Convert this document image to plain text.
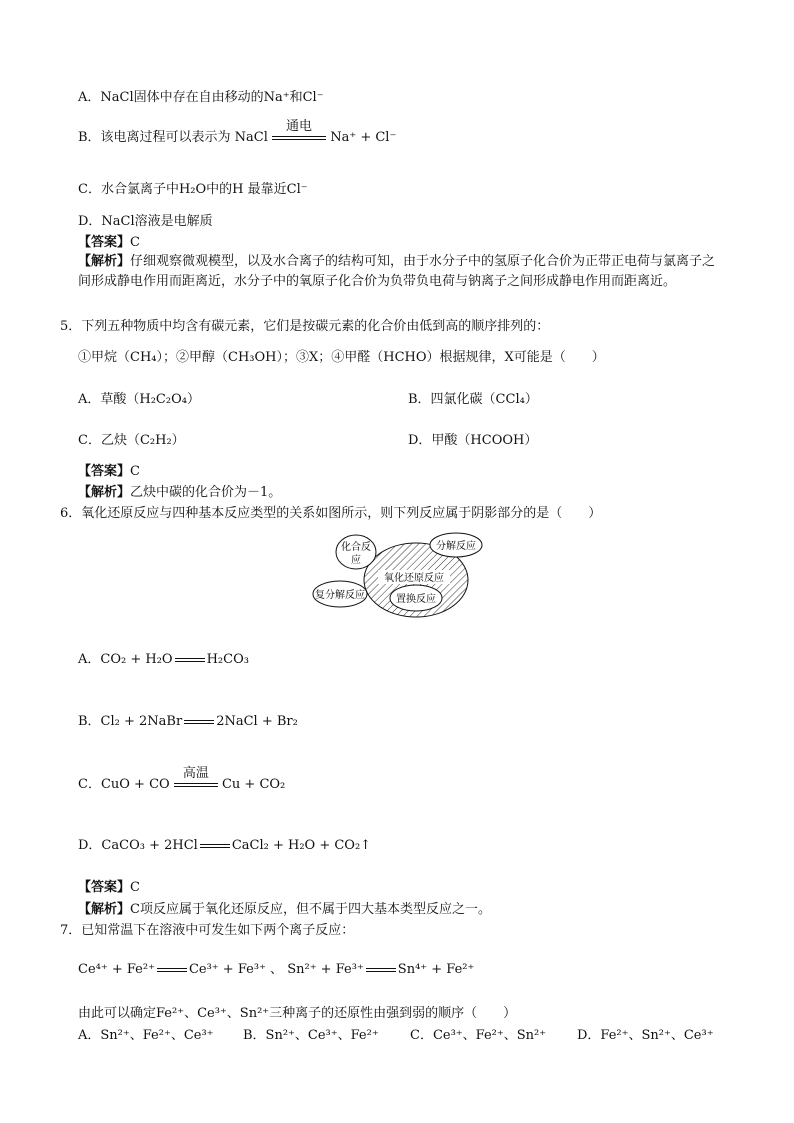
A．NaCl固体中存在自由移动的Na⁺和Cl⁻
B．该电离过程可以表示为 NaCl
通电
Na⁺ + Cl⁻
C．水合氯离子中H₂O中的H 最靠近Cl⁻
D．NaCl溶液是电解质
【答案】C
【解析】仔细观察微观模型，以及水合离子的结构可知，由于水分子中的氢原子化合价为正带正电荷与氯离子之间形成静电作用而距离近，水分子中的氧原子化合价为负带负电荷与钠离子之间形成静电作用而距离近。
5．下列五种物质中均含有碳元素，它们是按碳元素的化合价由低到高的顺序排列的：
①甲烷（CH₄）；②甲醇（CH₃OH）；③X；④甲醛（HCHO）根据规律，X可能是（　　）
A．草酸（H₂C₂O₄）	B．四氯化碳（CCl₄）
C．乙炔（C₂H₂）	D．甲酸（HCOOH）
【答案】C
【解析】乙炔中碳的化合价为－1。
6．氧化还原反应与四种基本反应类型的关系如图所示，则下列反应属于阴影部分的是（　　）
化合反
应
分解反应
氧化还原反应
复分解反应	置换反应
A．CO₂ + H₂O	H₂CO₃
B．Cl₂ + 2NaBr	2NaCl + Br₂
C．CuO + CO
高温
Cu + CO₂
D．CaCO₃ + 2HCl	CaCl₂ + H₂O + CO₂↑
【答案】C
【解析】C项反应属于氧化还原反应，但不属于四大基本类型反应之一。
7．已知常温下在溶液中可发生如下两个离子反应：
Ce⁴⁺ + Fe²⁺	Ce³⁺ + Fe³⁺ 、 Sn²⁺ + Fe³⁺	Sn⁴⁺ + Fe²⁺
由此可以确定Fe²⁺、Ce³⁺、Sn²⁺三种离子的还原性由强到弱的顺序（　　）
A．Sn²⁺、Fe²⁺、Ce³⁺ B．Sn²⁺、Ce³⁺、Fe²⁺ C．Ce³⁺、Fe²⁺、Sn²⁺ D．Fe²⁺、Sn²⁺、Ce³⁺
